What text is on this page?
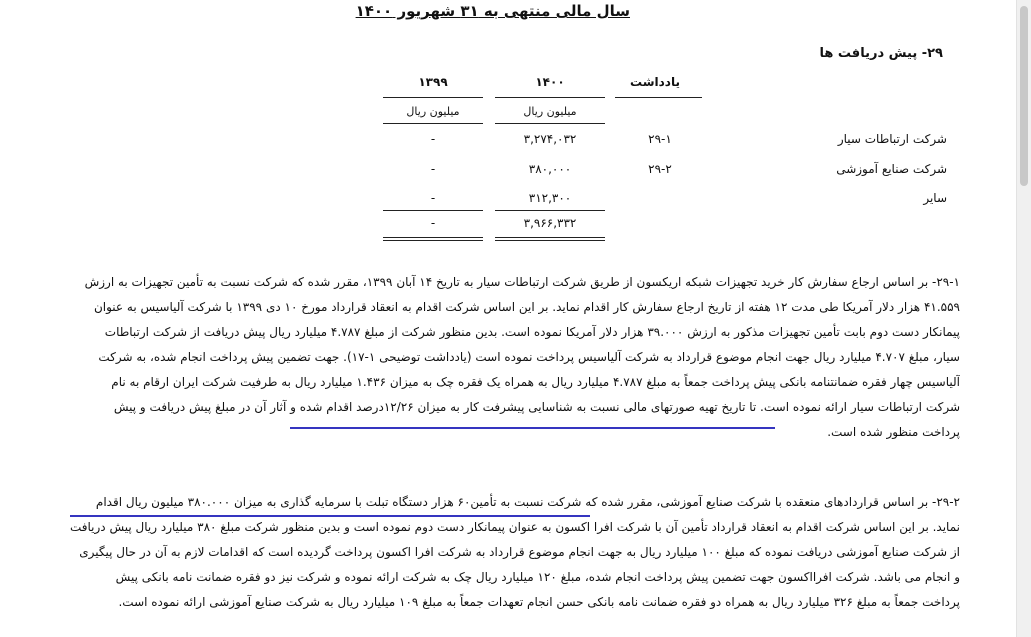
سال مالی منتهی به ۳۱ شهریور ۱۴۰۰
۲۹- پیش دریافت ها
یادداشت
۱۴۰۰
۱۳۹۹
میلیون ریال
میلیون ریال
شرکت ارتباطات سیار
۲۹-۱
۳,۲۷۴,۰۳۲
-
شرکت صنایع آموزشی
۲۹-۲
۳۸۰,۰۰۰
-
سایر
۳۱۲,۳۰۰
-
۳,۹۶۶,۳۳۲
-
۲۹-۱- بر اساس ارجاع سفارش کار خرید تجهیزات شبکه اریکسون از طریق شرکت ارتباطات سیار به تاریخ ۱۴ آبان ۱۳۹۹، مقرر شده که شرکت نسبت به تأمین تجهیزات به ارزش
۴۱.۵۵۹ هزار دلار آمریکا طی مدت ۱۲ هفته از تاریخ ارجاع سفارش کار اقدام نماید. بر این اساس شرکت اقدام به انعقاد قرارداد مورخ ۱۰ دی ۱۳۹۹ با شرکت آلیاسیس به عنوان
پیمانکار دست دوم بابت تأمین تجهیزات مذکور به ارزش ۳۹.۰۰۰ هزار دلار آمریکا نموده است. بدین منظور شرکت از مبلغ ۴.۷۸۷ میلیارد ریال پیش دریافت از شرکت ارتباطات
سیار، مبلغ ۴.۷۰۷ میلیارد ریال جهت انجام موضوع قرارداد به شرکت آلیاسیس پرداخت نموده است (یادداشت توضیحی ۱-۱۷). جهت تضمین پیش پرداخت انجام شده، به شرکت
آلیاسیس چهار فقره ضمانتنامه بانکی پیش پرداخت جمعاً به مبلغ ۴.۷۸۷ میلیارد ریال به همراه یک فقره چک به میزان ۱.۴۳۶ میلیارد ریال به طرفیت شرکت ایران ارقام به نام
شرکت ارتباطات سیار ارائه نموده است. تا تاریخ تهیه صورتهای مالی نسبت به شناسایی پیشرفت کار به میزان ۱۲/۲۶درصد اقدام شده و آثار آن در مبلغ پیش دریافت و پیش
پرداخت منظور شده است.
۲۹-۲- بر اساس قراردادهای منعقده با شرکت صنایع آموزشی، مقرر شده که شرکت نسبت به تأمین۶۰ هزار دستگاه تبلت با سرمایه گذاری به میزان ۳۸۰.۰۰۰ میلیون ریال اقدام
نماید. بر این اساس شرکت اقدام به انعقاد قرارداد تأمین آن با شرکت افرا اکسون به عنوان پیمانکار دست دوم نموده است و بدین منظور شرکت مبلغ ۳۸۰ میلیارد ریال پیش دریافت
از شرکت صنایع آموزشی دریافت نموده که مبلغ ۱۰۰ میلیارد ریال به جهت انجام موضوع قرارداد به شرکت افرا اکسون پرداخت گردیده است که اقدامات لازم به آن در حال پیگیری
و انجام می باشد. شرکت افرااکسون جهت تضمین پیش پرداخت انجام شده، مبلغ ۱۲۰ میلیارد ریال چک به شرکت ارائه نموده و شرکت نیز دو فقره ضمانت نامه بانکی پیش
پرداخت جمعاً به مبلغ ۳۲۶ میلیارد ریال به همراه دو فقره ضمانت نامه بانکی حسن انجام تعهدات جمعاً به مبلغ ۱۰۹ میلیارد ریال به شرکت صنایع آموزشی ارائه نموده است.
